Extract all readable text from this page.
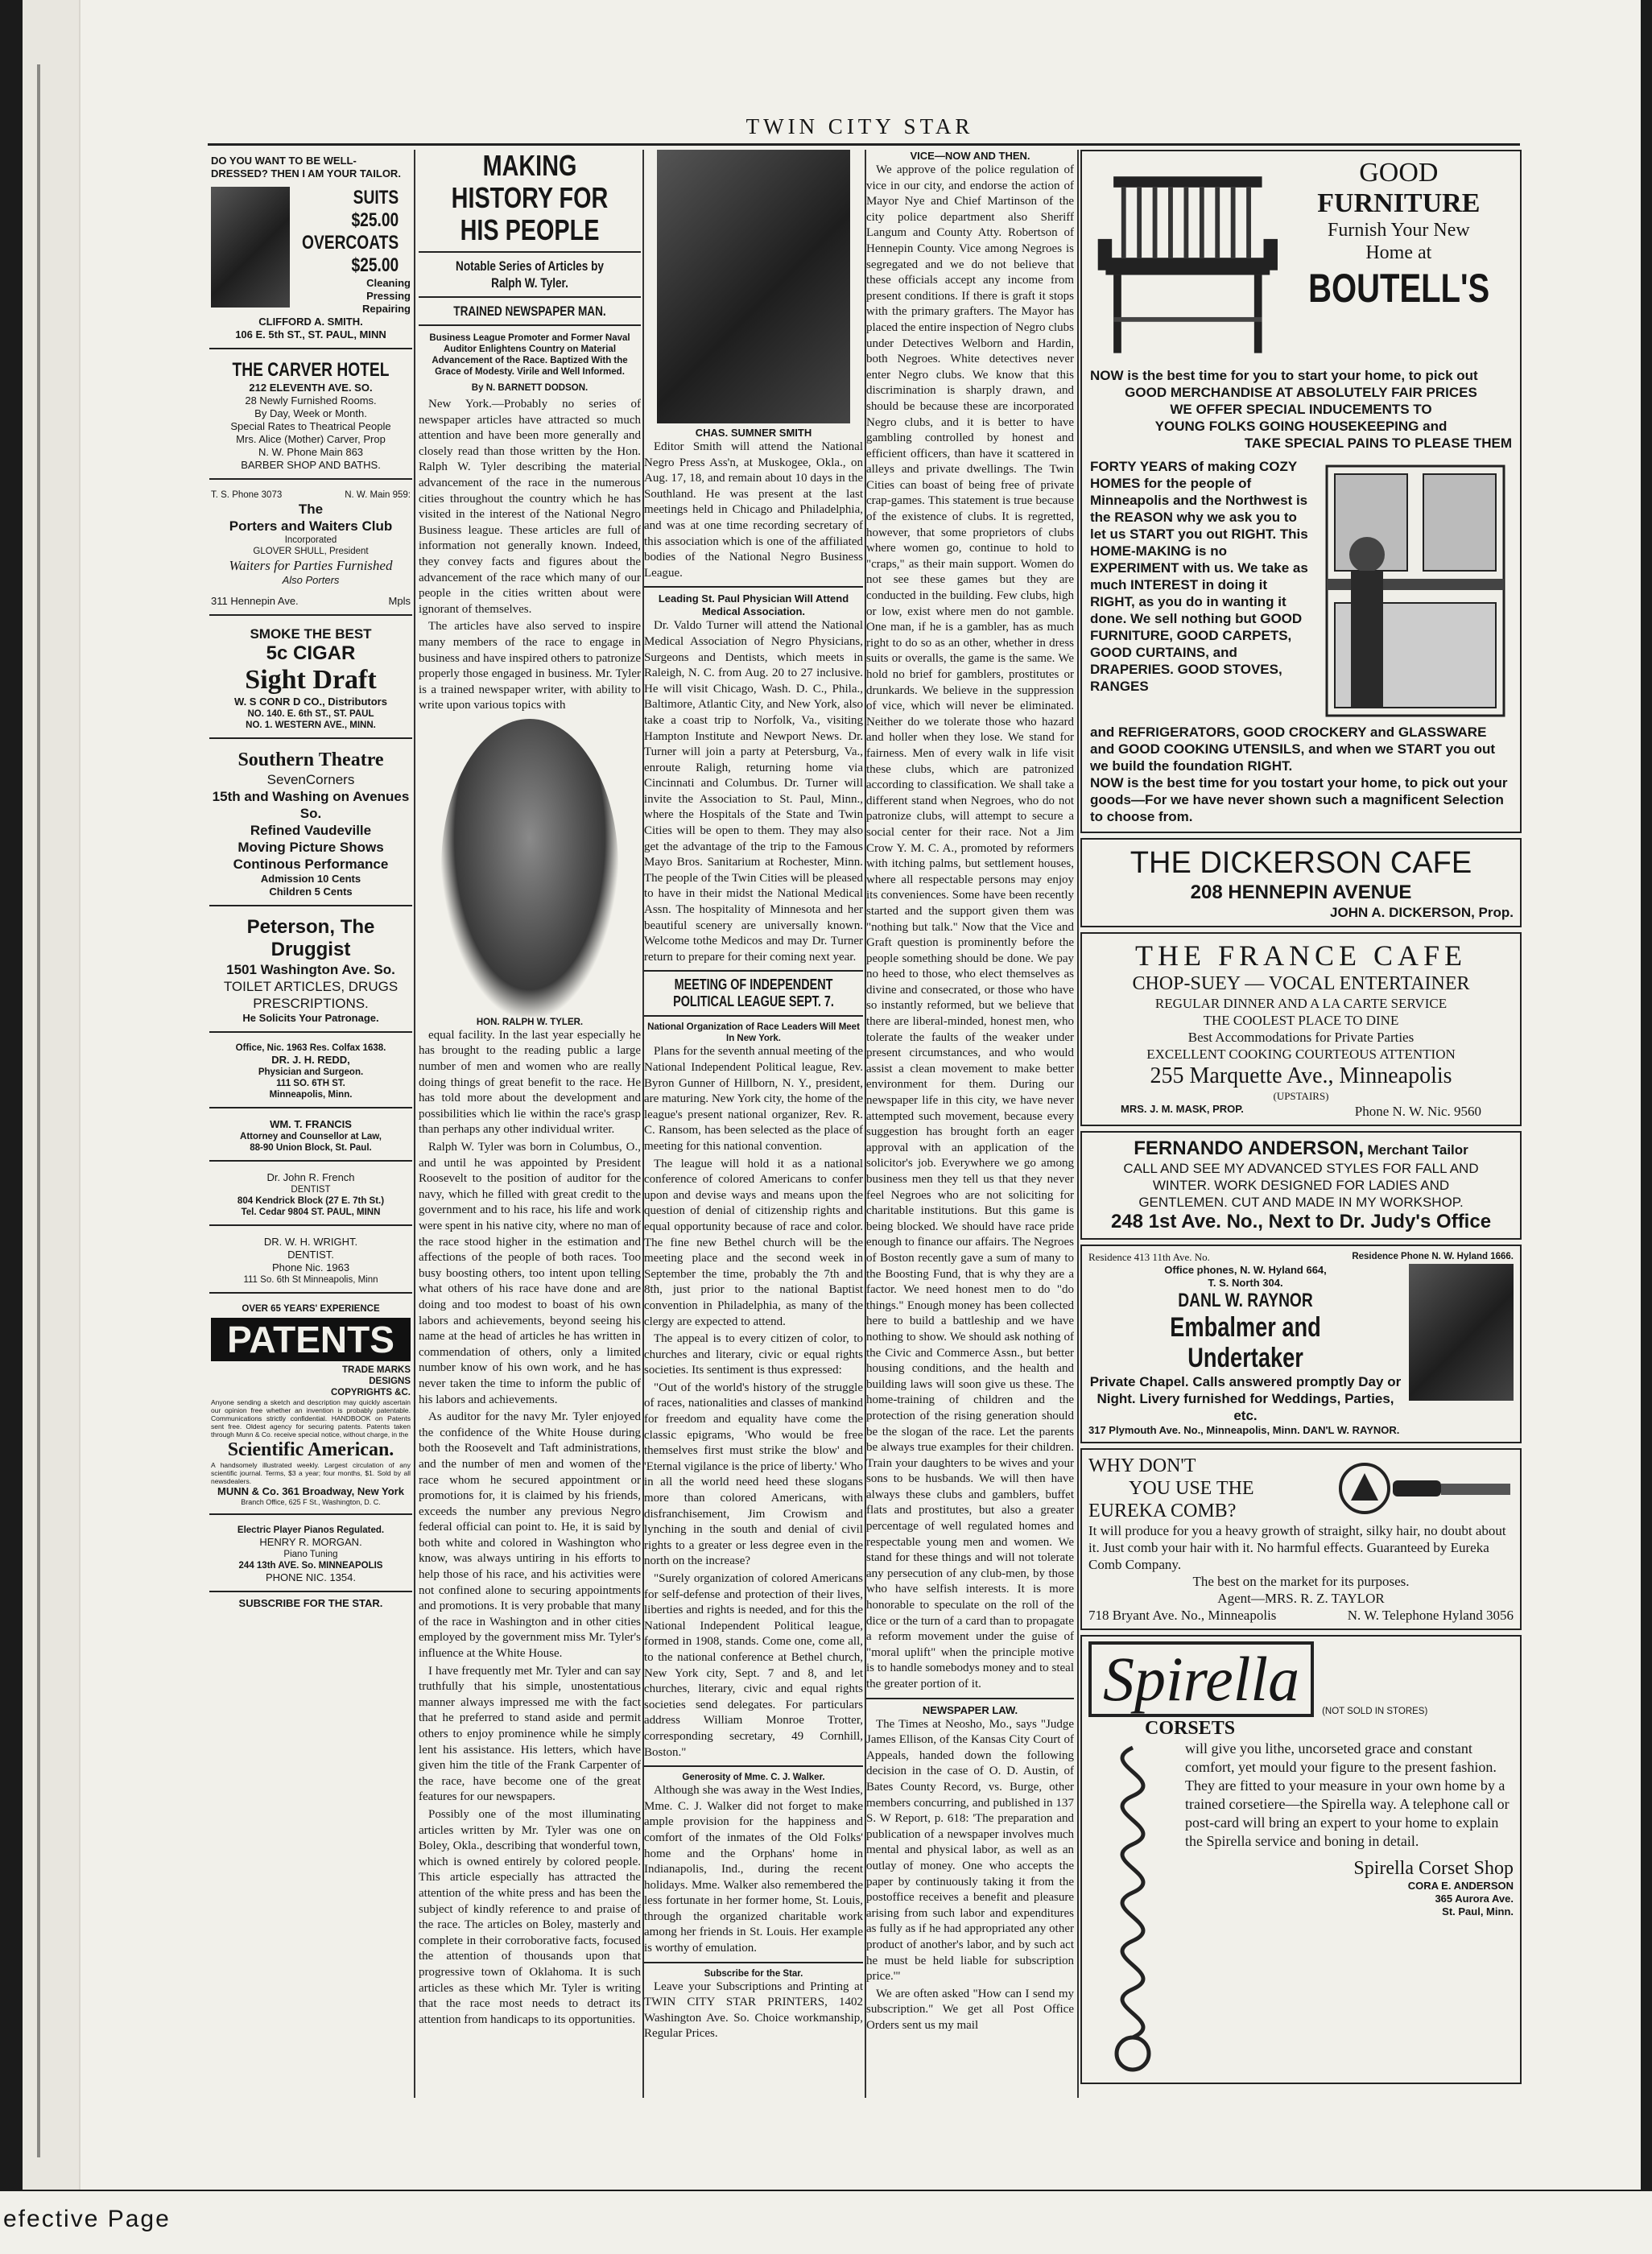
TWIN CITY STAR
DO YOU WANT TO BE WELL-DRESSED? THEN I AM YOUR TAILOR.
SUITS
$25.00
OVERCOATS
$25.00
Cleaning
Pressing
Repairing
CLIFFORD A. SMITH.
106 E. 5th ST., ST. PAUL, MINN
THE CARVER HOTEL
212 ELEVENTH AVE. SO.
28 Newly Furnished Rooms.
By Day, Week or Month.
Special Rates to Theatrical People
Mrs. Alice (Mother) Carver, Prop
N. W. Phone Main 863
BARBER SHOP AND BATHS.
T. S. Phone 3073	N. W. Main 959:
The
Porters and Waiters Club
Incorporated
GLOVER SHULL, President
Waiters for Parties Furnished
Also Porters
311 Hennepin Ave.	Mpls
SMOKE THE BEST
5c CIGAR
Sight Draft
W. S CONR D CO., Distributors
NO. 140. E. 6th ST., ST. PAUL
NO. 1. WESTERN AVE., MINN.
Southern Theatre
SevenCorners
15th and Washing on Avenues So.
Refined Vaudeville
Moving Picture Shows
Continous Performance
Admission 10 Cents
Children 5 Cents
Peterson, The Druggist
1501 Washington Ave. So.
TOILET ARTICLES, DRUGS
PRESCRIPTIONS.
He Solicits Your Patronage.
Office, Nic. 1963 Res. Colfax 1638.
DR. J. H. REDD,
Physician and Surgeon.
111 SO. 6TH ST.
Minneapolis, Minn.
WM. T. FRANCIS
Attorney and Counsellor at Law,
88-90 Union Block, St. Paul.
Dr. John R. French
DENTIST
804 Kendrick Block (27 E. 7th St.)
Tel. Cedar 9804 ST. PAUL, MINN
DR. W. H. WRIGHT.
DENTIST.
Phone Nic. 1963
111 So. 6th St Minneapolis, Minn
OVER 65 YEARS' EXPERIENCE
PATENTS
TRADE MARKS
DESIGNS
COPYRIGHTS &C.
Anyone sending a sketch and description may quickly ascertain our opinion free whether an invention is probably patentable. Communications strictly confidential. HANDBOOK on Patents sent free. Oldest agency for securing patents. Patents taken through Munn & Co. receive special notice, without charge, in the
Scientific American.
A handsomely illustrated weekly. Largest circulation of any scientific journal. Terms, $3 a year; four months, $1. Sold by all newsdealers.
MUNN & Co. 361 Broadway, New York
Branch Office, 625 F St., Washington, D. C.
Electric Player Pianos Regulated.
HENRY R. MORGAN.
Piano Tuning
244 13th AVE. So. MINNEAPOLIS
PHONE NIC. 1354.
SUBSCRIBE FOR THE STAR.
MAKING HISTORY FOR HIS PEOPLE
Notable Series of Articles by Ralph W. Tyler.
TRAINED NEWSPAPER MAN.
Business League Promoter and Former Naval Auditor Enlightens Country on Material Advancement of the Race. Baptized With the Grace of Modesty. Virile and Well Informed.
By N. BARNETT DODSON.

New York.—Probably no series of newspaper articles have attracted so much attention and have been more generally and closely read than those written by the Hon. Ralph W. Tyler describing the material advancement of the race in the numerous cities throughout the country which he has visited in the interest of the National Negro Business league. These articles are full of information not generally known. Indeed, they convey facts and figures about the advancement of the race which many of our people in the cities written about were ignorant of themselves.

The articles have also served to inspire many members of the race to engage in business and have inspired others to patronize properly those engaged in business. Mr. Tyler is a trained newspaper writer, with ability to write upon various topics with

HON. RALPH W. TYLER.

equal facility. In the last year especially he has brought to the reading public a large number of men and women who are really doing things of great benefit to the race. He has told more about the development and possibilities which lie within the race's grasp than perhaps any other individual writer.

Ralph W. Tyler was born in Columbus, O., and until he was appointed by President Roosevelt to the position of auditor for the navy, which he filled with great credit to the government and to his race, his life and work were spent in his native city, where no man of the race stood higher in the estimation and affections of the people of both races. Too busy boosting others, too intent upon telling what others of his race have done and are doing and too modest to boast of his own labors and achievements, beyond seeing his name at the head of articles he has written in commendation of others, only a limited number know of his own work, and he has never taken the time to inform the public of his labors and achievements.

As auditor for the navy Mr. Tyler enjoyed the confidence of the White House during both the Roosevelt and Taft administrations, and the number of men and women of the race whom he secured appointment or promotions for, it is claimed by his friends, exceeds the number any previous Negro federal official can point to. He, it is said by both white and colored in Washington who know, was always untiring in his efforts to help those of his race, and his activities were not confined alone to securing appointments and promotions. It is very probable that many of the race in Washington and in other cities employed by the government miss Mr. Tyler's influence at the White House.

I have frequently met Mr. Tyler and can say truthfully that his simple, unostentatious manner always impressed me with the fact that he preferred to stand aside and permit others to enjoy prominence while he simply lent his assistance. His letters, which have given him the title of the Frank Carpenter of the race, have become one of the great features for our newspapers.

Possibly one of the most illuminating articles written by Mr. Tyler was one on Boley, Okla., describing that wonderful town, which is owned entirely by colored people. This article especially has attracted the attention of the white press and has been the subject of kindly reference to and praise of the race. The articles on Boley, masterly and complete in their corroborative facts, focused the attention of thousands upon that progressive town of Oklahoma. It is such articles as these which Mr. Tyler is writing that the race most needs to detract its attention from handicaps to its opportunities.

CHAS. SUMNER SMITH

Editor Smith will attend the National Negro Press Ass'n, at Muskogee, Okla., on Aug. 17, 18, and remain about 10 days in the Southland. He was present at the last meetings held in Chicago and Philadelphia, and was at one time recording secretary of this association which is one of the affiliated bodies of the National Negro Business League.

Leading St. Paul Physician Will Attend Medical Association.

Dr. Valdo Turner will attend the National Medical Association of Negro Physicians, Surgeons and Dentists, which meets in Raleigh, N. C. from Aug. 20 to 27 inclusive. He will visit Chicago, Wash. D. C., Phila., Baltimore, Atlantic City, and New York, also take a coast trip to Norfolk, Va., visiting Hampton Institute and Newport News. Dr. Turner will join a party at Petersburg, Va., enroute Raligh, returning home via Cincinnati and Columbus. Dr. Turner will invite the Association to St. Paul, Minn., where the Hospitals of the State and Twin Cities will be open to them. They may also get the advantage of the trip to the Famous Mayo Bros. Sanitarium at Rochester, Minn. The people of the Twin Cities will be pleased to have in their midst the National Medical Assn. The hospitality of Minnesota and her beautiful scenery are universally known. Welcome tothe Medicos and may Dr. Turner return to prepare for their coming next year.

MEETING OF INDEPENDENT POLITICAL LEAGUE SEPT. 7.
National Organization of Race Leaders Will Meet In New York.

Plans for the seventh annual meeting of the National Independent Political league, Rev. Byron Gunner of Hillborn, N. Y., president, are maturing. New York city, the home of the league's present national organizer, Rev. R. C. Ransom, has been selected as the place of meeting for this national convention.

The league will hold it as a national conference of colored Americans to confer upon and devise ways and means upon the question of denial of citizenship rights and equal opportunity because of race and color. The fine new Bethel church will be the meeting place and the second week in September the time, probably the 7th and 8th, just prior to the national Baptist convention in Philadelphia, as many of the clergy are expected to attend.

The appeal is to every citizen of color, to churches and literary, civic or equal rights societies. Its sentiment is thus expressed:

"Out of the world's history of the struggle of races, nationalities and classes of mankind for freedom and equality have come the classic epigrams, 'Who would be free themselves first must strike the blow' and 'Eternal vigilance is the price of liberty.' Who in all the world need heed these slogans more than colored Americans, with disfranchisement, Jim Crowism and lynching in the south and denial of civil rights to a greater or less degree even in the north on the increase?

"Surely organization of colored Americans for self-defense and protection of their lives, liberties and rights is needed, and for this the National Independent Political league, formed in 1908, stands. Come one, come all, to the national conference at Bethel church, New York city, Sept. 7 and 8, and let churches, literary, civic and equal rights societies send delegates. For particulars address William Monroe Trotter, corresponding secretary, 49 Cornhill, Boston."

Generosity of Mme. C. J. Walker.

Although she was away in the West Indies, Mme. C. J. Walker did not forget to make ample provision for the happiness and comfort of the inmates of the Old Folks' home and the Orphans' home in Indianapolis, Ind., during the recent holidays. Mme. Walker also remembered the less fortunate in her former home, St. Louis, through the organized charitable work among her friends in St. Louis. Her example is worthy of emulation.

Subscribe for the Star.

Leave your Subscriptions and Printing at TWIN CITY STAR PRINTERS, 1402 Washington Ave. So. Choice workmanship, Regular Prices.

VICE—NOW AND THEN.

We approve of the police regulation of vice in our city, and endorse the action of Mayor Nye and Chief Martinson of the city police department also Sheriff Langum and County Atty. Robertson of Hennepin County. Vice among Negroes is segregated and we do not believe that these officials accept any income from present conditions. If there is graft it stops with the primary grafters. The Mayor has placed the entire inspection of Negro clubs under Detectives Welborn and Hardin, both Negroes. White detectives never enter Negro clubs. We know that this discrimination is sharply drawn, and should be because these are incorporated Negro clubs, and it is better to have gambling controlled by honest and efficient officers, than have it scattered in alleys and private dwellings. The Twin Cities can boast of being free of private crap-games. This statement is true because of the existence of clubs. It is regretted, however, that some proprietors of clubs where women go, continue to hold to "craps," as their main support. Women do not see these games but they are conducted in the building. Few clubs, high or low, exist where men do not gamble. One man, if he is a gambler, has as much right to do so as an other, whether in dress suits or overalls, the game is the same. We hold no brief for gamblers, prostitutes or drunkards. We believe in the suppression of vice, which will never be eliminated. Neither do we tolerate those who hazard and holler when they lose. We stand for fairness. Men of every walk in life visit these clubs, which are patronized according to classification. We shall take a different stand when Negroes, who do not patronize clubs, will attempt to secure a social center for their race. Not a Jim Crow Y. M. C. A., promoted by reformers with itching palms, but settlement houses, where all respectable persons may enjoy its conveniences. Some have been recently started and the support given them was "nothing but talk." Now that the Vice and Graft question is prominently before the people something should be done. We pay no heed to those, who elect themselves as divine and consecrated, or those who have so instantly reformed, but we believe that there are liberal-minded, honest men, who tolerate the faults of the weaker under present circumstances, and who would assist a clean movement to make better environment for them. During our newspaper life in this city, we have never attempted such movement, because every suggestion has brought forth an eager approval with an application of the solicitor's job. Everywhere we go among business men they tell us that they never feel Negroes who are not soliciting for charitable institutions. But this game is being blocked. We should have race pride enough to finance our affairs. The Negroes of Boston recently gave a sum of many to the Boosting Fund, that is why they are a factor. We need honest men to do "do things." Enough money has been collected here to build a battleship and we have nothing to show. We should ask nothing of the Civic and Commerce Assn., but better housing conditions, and the health and building laws will soon give us these. The home-training of children and the protection of the rising generation should be the slogan of the race. Let the parents be always true examples for their children. Train your daughters to be wives and your sons to be husbands. We will then have always these clubs and gamblers, buffet flats and prostitutes, but also a greater percentage of well regulated homes and respectable young men and women. We stand for these things and will not tolerate any persecution of any club-men, by those who have selfish interests. It is more honorable to speculate on the roll of the dice or the turn of a card than to propagate a reform movement under the guise of "moral uplift" when the principle motive is to handle somebodys money and to steal the greater portion of it.

NEWSPAPER LAW.

The Times at Neosho, Mo., says "Judge James Ellison, of the Kansas City Court of Appeals, handed down the following decision in the case of O. D. Austin, of Bates County Record, vs. Burge, other members concurring, and published in 137 S. W Report, p. 618: 'The preparation and publication of a newspaper involves much mental and physical labor, as well as an outlay of money. One who accepts the paper by continuously taking it from the postoffice receives a benefit and pleasure arising from such labor and expenditures as fully as if he had appropriated any other product of another's labor, and by such act he must be held liable for subscription price.'"

We are often asked "How can I send my subscription." We get all Post Office Orders sent us my mail

GOOD
FURNITURE
Furnish Your New
Home at
BOUTELL'S
NOW is the best time for you to start your home, to pick out
GOOD MERCHANDISE AT ABSOLUTELY FAIR PRICES
WE OFFER SPECIAL INDUCEMENTS TO
YOUNG FOLKS GOING HOUSEKEEPING and
TAKE SPECIAL PAINS TO PLEASE THEM
FORTY YEARS of making COZY HOMES for the people of Minneapolis and the Northwest is the REASON why we ask you to let us START you out RIGHT. This HOME-MAKING is no EXPERIMENT with us. We take as much INTEREST in doing it RIGHT, as you do in wanting it done. We sell nothing but GOOD FURNITURE, GOOD CARPETS, GOOD CURTAINS, and DRAPERIES. GOOD STOVES, RANGES
and REFRIGERATORS, GOOD CROCKERY and GLASSWARE and GOOD COOKING UTENSILS, and when we START you out we build the foundation RIGHT.
NOW is the best time for you tostart your home, to pick out your goods—For we have never shown such a magnificent Selection to choose from.
THE DICKERSON CAFE
208 HENNEPIN AVENUE
JOHN A. DICKERSON, Prop.
THE FRANCE CAFE
CHOP-SUEY — VOCAL ENTERTAINER
REGULAR DINNER AND A LA CARTE SERVICE
THE COOLEST PLACE TO DINE
Best Accommodations for Private Parties
EXCELLENT COOKING COURTEOUS ATTENTION
255 Marquette Ave., Minneapolis
(UPSTAIRS)
MRS. J. M. MASK, PROP.	Phone N. W. Nic. 9560
FERNANDO ANDERSON, Merchant Tailor
CALL AND SEE MY ADVANCED STYLES FOR FALL AND WINTER. WORK DESIGNED FOR LADIES AND GENTLEMEN. CUT AND MADE IN MY WORKSHOP.
248 1st Ave. No., Next to Dr. Judy's Office
Residence 413 11th Ave. No.	Residence Phone N. W. Hyland 1666.
Office phones, N. W. Hyland 664,
T. S. North 304.
DANL W. RAYNOR
Embalmer and Undertaker
Private Chapel. Calls answered promptly Day or Night. Livery furnished for Weddings, Parties, etc.
317 Plymouth Ave. No., Minneapolis, Minn. DAN'L W. RAYNOR.
WHY DON'T
YOU USE THE
EUREKA COMB?
It will produce for you a heavy growth of straight, silky hair, no doubt about it. Just comb your hair with it. No harmful effects. Guaranteed by Eureka Comb Company.
The best on the market for its purposes.
Agent—MRS. R. Z. TAYLOR
718 Bryant Ave. No., Minneapolis	N. W. Telephone Hyland 3056
Spirella	(NOT SOLD IN STORES)
CORSETS
will give you lithe, uncorseted grace and constant comfort, yet mould your figure to the present fashion. They are fitted to your measure in your own home by a trained corsetiere—the Spirella way. A telephone call or post-card will bring an expert to your home to explain the Spirella service and boning in detail.
Spirella Corset Shop
CORA E. ANDERSON
365 Aurora Ave.
St. Paul, Minn.
efective Page
